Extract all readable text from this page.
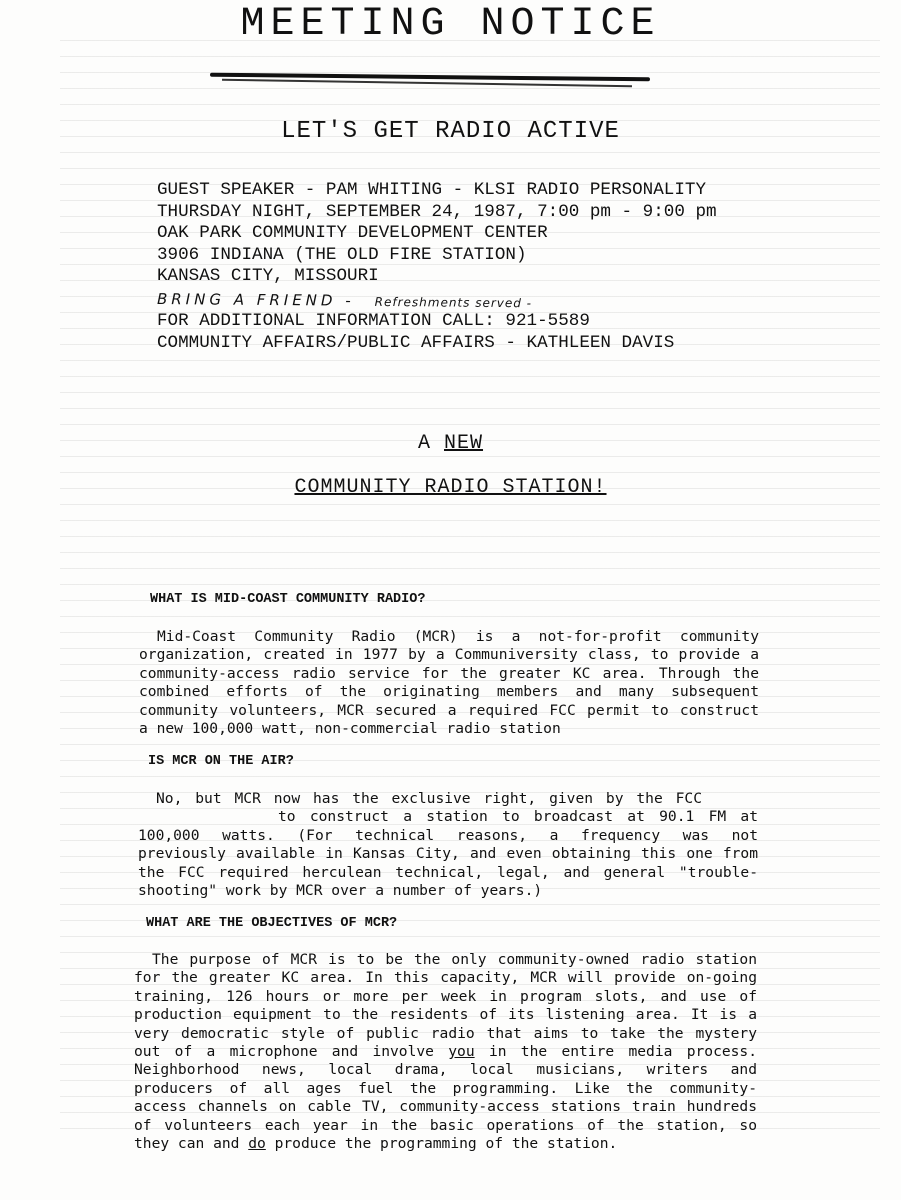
MEETING NOTICE
LET'S GET RADIO ACTIVE
GUEST SPEAKER - PAM WHITING - KLSI RADIO PERSONALITY
THURSDAY NIGHT, SEPTEMBER 24, 1987, 7:00 pm - 9:00 pm
OAK PARK COMMUNITY DEVELOPMENT CENTER
3906 INDIANA (THE OLD FIRE STATION)
KANSAS CITY, MISSOURI
BRING A FRIEND - Refreshments served -
FOR ADDITIONAL INFORMATION CALL: 921-5589
COMMUNITY AFFAIRS/PUBLIC AFFAIRS - KATHLEEN DAVIS
A NEW
COMMUNITY RADIO STATION!
WHAT IS MID-COAST COMMUNITY RADIO?
Mid-Coast Community Radio (MCR) is a not-for-profit community
organization, created in 1977 by a Communiversity class, to provide a
community-access radio service for the greater KC area. Through the
combined efforts of the originating members and many subsequent
community volunteers, MCR secured a required FCC permit to construct
a new 100,000 watt, non-commercial radio station
IS MCR ON THE AIR?
No, but MCR now has the exclusive right, given by the FCC
to construct a station to broadcast at 90.1 FM at
100,000 watts. (For technical reasons, a frequency was not
previously available in Kansas City, and even obtaining this one from
the FCC required herculean technical, legal, and general "trouble-
shooting" work by MCR over a number of years.)
WHAT ARE THE OBJECTIVES OF MCR?
The purpose of MCR is to be the only community-owned radio station
for the greater KC area. In this capacity, MCR will provide on-going
training, 126 hours or more per week in program slots, and use of
production equipment to the residents of its listening area. It is a
very democratic style of public radio that aims to take the mystery
out of a microphone and involve you in the entire media process.
Neighborhood news, local drama, local musicians, writers and
producers of all ages fuel the programming. Like the community-
access channels on cable TV, community-access stations train hundreds
of volunteers each year in the basic operations of the station, so
they can and do produce the programming of the station.
